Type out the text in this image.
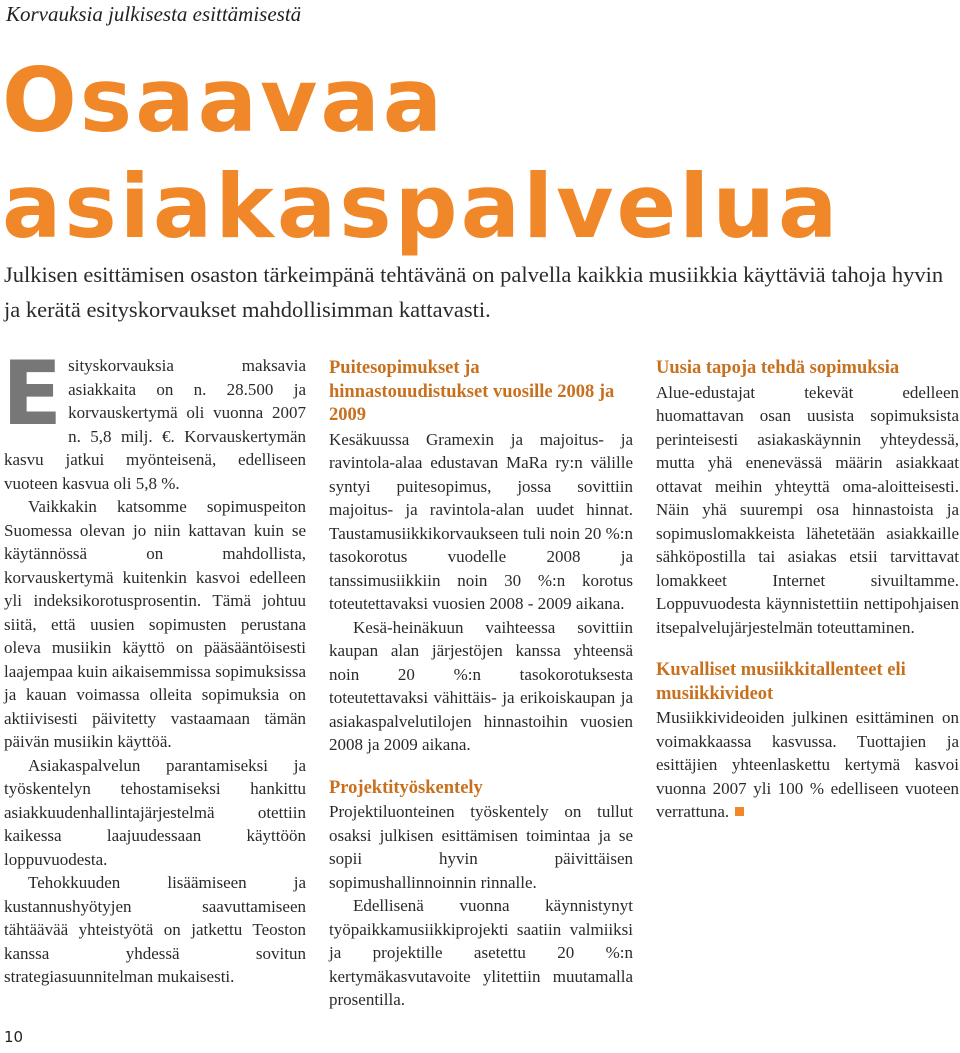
Korvauksia julkisesta esittämisestä
Osaavaa
asiakaspalvelua

Julkisen esittämisen osaston tärkeimpänä tehtävänä on palvella kaikkia musiikkia käyttäviä tahoja hyvin ja kerätä esityskorvaukset mahdollisimman kattavasti.

Esityskorvauksia maksavia asiakkaita on n. 28.500 ja korvauskertymä oli vuonna 2007 n. 5,8 milj. €. Korvauskertymän kasvu jatkui myönteisenä, edelliseen vuoteen kasvua oli 5,8 %.

Vaikkakin katsomme sopimuspeiton Suomessa olevan jo niin kattavan kuin se käytännössä on mahdollista, korvauskertymä kuitenkin kasvoi edelleen yli indeksikorotusprosentin. Tämä johtuu siitä, että uusien sopimusten perustana oleva musiikin käyttö on pääsääntöisesti laajempaa kuin aikaisemmissa sopimuksissa ja kauan voimassa olleita sopimuksia on aktiivisesti päivitetty vastaamaan tämän päivän musiikin käyttöä.

Asiakaspalvelun parantamiseksi ja työskentelyn tehostamiseksi hankittu asiakkuudenhallintajärjestelmä otettiin kaikessa laajuudessaan käyttöön loppuvuodesta.

Tehokkuuden lisäämiseen ja kustannushyötyjen saavuttamiseen tähtäävää yhteistyötä on jatkettu Teoston kanssa yhdessä sovitun strategiasuunnitelman mukaisesti.

Puitesopimukset ja hinnastouudistukset vuosille 2008 ja 2009

Kesäkuussa Gramexin ja majoitus- ja ravintola-alaa edustavan MaRa ry:n välille syntyi puitesopimus, jossa sovittiin majoitus- ja ravintola-alan uudet hinnat. Taustamusiikkikorvaukseen tuli noin 20 %:n tasokorotus vuodelle 2008 ja tanssimusiikkiin noin 30 %:n korotus toteutettavaksi vuosien 2008 - 2009 aikana.

Kesä-heinäkuun vaihteessa sovittiin kaupan alan järjestöjen kanssa yhteensä noin 20 %:n tasokorotuksesta toteutettavaksi vähittäis- ja erikoiskaupan ja asiakaspalvelutilojen hinnastoihin vuosien 2008 ja 2009 aikana.

Projektityöskentely

Projektiluonteinen työskentely on tullut osaksi julkisen esittämisen toimintaa ja se sopii hyvin päivittäisen sopimushallinnoinnin rinnalle.

Edellisenä vuonna käynnistynyt työpaikkamusiikkiprojekti saatiin valmiiksi ja projektille asetettu 20 %:n kertymäkasvutavoite ylitettiin muutamalla prosentilla.

Uusia tapoja tehdä sopimuksia

Alue-edustajat tekevät edelleen huomattavan osan uusista sopimuksista perinteisesti asiakaskäynnin yhteydessä, mutta yhä enenevässä määrin asiakkaat ottavat meihin yhteyttä oma-aloitteisesti. Näin yhä suurempi osa hinnastoista ja sopimuslomakkeista lähetetään asiakkaille sähköpostilla tai asiakas etsii tarvittavat lomakkeet Internet sivuiltamme. Loppuvuodesta käynnistettiin nettipohjaisen itsepalvelujärjestelmän toteuttaminen.

Kuvalliset musiikkitallenteet eli musiikkivideot

Musiikkivideoiden julkinen esittäminen on voimakkaassa kasvussa. Tuottajien ja esittäjien yhteenlaskettu kertymä kasvoi vuonna 2007 yli 100 % edelliseen vuoteen verrattuna.

10
